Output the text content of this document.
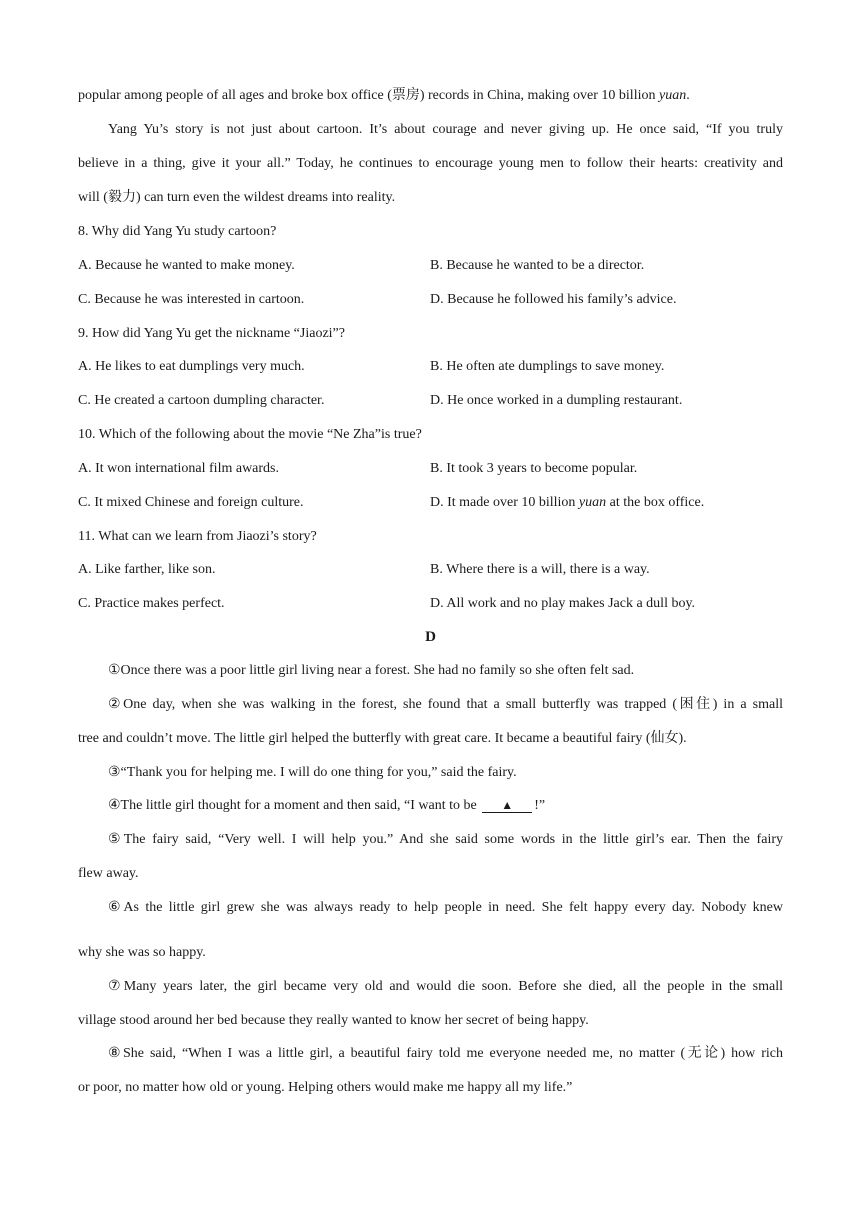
popular among people of all ages and broke box office (票房) records in China, making over 10 billion yuan.
Yang Yu’s story is not just about cartoon. It’s about courage and never giving up. He once said, “If you truly
believe in a thing, give it your all.” Today, he continues to encourage young men to follow their hearts: creativity and
will (毅力) can turn even the wildest dreams into reality.
8. Why did Yang Yu study cartoon?
A. Because he wanted to make money.	B. Because he wanted to be a director.
C. Because he was interested in cartoon.	D. Because he followed his family’s advice.
9. How did Yang Yu get the nickname “Jiaozi”?
A. He likes to eat dumplings very much.	B. He often ate dumplings to save money.
C. He created a cartoon dumpling character.	D. He once worked in a dumpling restaurant.
10. Which of the following about the movie “Ne Zha”is true?
A. It won international film awards.	B. It took 3 years to become popular.
C. It mixed Chinese and foreign culture.	D. It made over 10 billion yuan at the box office.
11. What can we learn from Jiaozi’s story?
A. Like farther, like son.	B. Where there is a will, there is a way.
C. Practice makes perfect.	D. All work and no play makes Jack a dull boy.
D
①Once there was a poor little girl living near a forest. She had no family so she often felt sad.
②One day, when she was walking in the forest, she found that a small butterfly was trapped (困住) in a small
tree and couldn’t move. The little girl helped the butterfly with great care. It became a beautiful fairy (仙女).
③“Thank you for helping me. I will do one thing for you,” said the fairy.
④The little girl thought for a moment and then said, “I want to be ▲ !”
⑤The fairy said, “Very well. I will help you.” And she said some words in the little girl’s ear. Then the fairy
flew away.
⑥As the little girl grew she was always ready to help people in need. She felt happy every day. Nobody knew
why she was so happy.
⑦Many years later, the girl became very old and would die soon. Before she died, all the people in the small
village stood around her bed because they really wanted to know her secret of being happy.
⑧She said, “When I was a little girl, a beautiful fairy told me everyone needed me, no matter (无论) how rich
or poor, no matter how old or young. Helping others would make me happy all my life.”
